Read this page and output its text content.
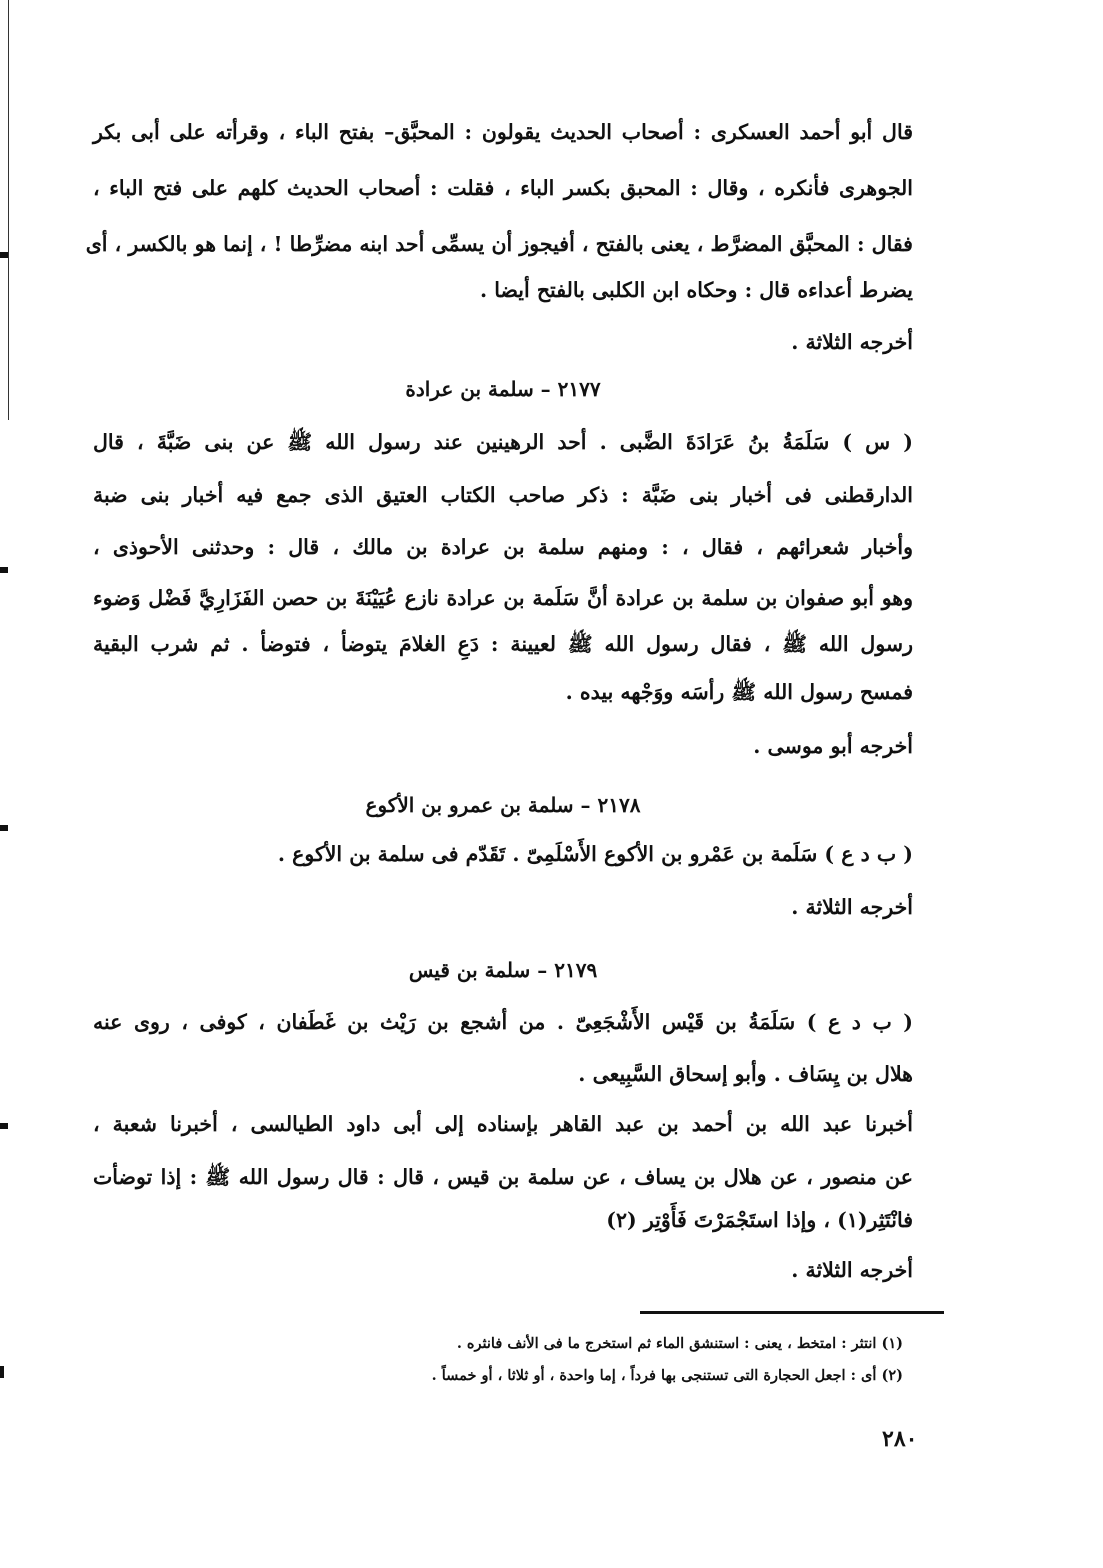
قال أبو أحمد العسكرى : أصحاب الحديث يقولون : المحبَّق– بفتح الباء ، وقرأته على أبى بكر
الجوهرى فأنكره ، وقال : المحبق بكسر الباء ، فقلت : أصحاب الحديث كلهم على فتح الباء ،
فقال : المحبَّق المضرَّط ، يعنى بالفتح ، أفيجوز أن يسمِّى أحد ابنه مضرِّطا ! ، إنما هو بالكسر ، أى
يضرط أعداءه قال : وحكاه ابن الكلبى بالفتح أيضا .
أخرجه الثلاثة .
٢١٧٧ – سلمة بن عرادة
( س ) سَلَمَةُ بنُ عَرَادَةَ الضَّبى . أحد الرهينين عند رسول الله ﷺ عن بنى ضَبَّةَ ، قال
الدارقطنى فى أخبار بنى ضَبَّة : ذكر صاحب الكتاب العتيق الذى جمع فيه أخبار بنى ضبة
وأخبار شعرائهم ، فقال ، : ومنهم سلمة بن عرادة بن مالك ، قال : وحدثنى الأحوذى ،
وهو أبو صفوان بن سلمة بن عرادة أنَّ سَلَمة بن عرادة نازع عُيَيْنَةَ بن حصن الفَزَارِيَّ فَضْل وَضوء
رسول الله ﷺ ، فقال رسول الله ﷺ لعيينة : دَعِ الغلامَ يتوضأ ، فتوضأ . ثم شرب البقية
فمسح رسول الله ﷺ رأسَه ووَجْهه بيده .
أخرجه أبو موسى .
٢١٧٨ – سلمة بن عمرو بن الأكوع
( ب د ع ) سَلَمة بن عَمْرو بن الأكوع الأَسْلَمِىّ . تَقَدّم فى سلمة بن الأكوع .
أخرجه الثلاثة .
٢١٧٩ – سلمة بن قيس
( ب د ع ) سَلَمَةُ بن قَيْس الأَشْجَعِىّ . من أشجع بن رَيْث بن غَطَفان ، كوفى ، روى عنه
هلال بن يِسَاف . وأبو إسحاق السَّبِيعى .
أخبرنا عبد الله بن أحمد بن عبد القاهر بإسناده إلى أبى داود الطيالسى ، أخبرنا شعبة ،
عن منصور ، عن هلال بن يساف ، عن سلمة بن قيس ، قال : قال رسول الله ﷺ : إذا توضأت
فانْتَثِر(١) ، وإذا استَجْمَرْتَ فَأَوْتِر (٢)
أخرجه الثلاثة .
(١) انتثر : امتخط ، يعنى : استنشق الماء ثم استخرج ما فى الأنف فانثره .
(٢) أى : اجعل الحجارة التى تستنجى بها فرداً ، إما واحدة ، أو ثلاثا ، أو خمساً .
٢٨٠
